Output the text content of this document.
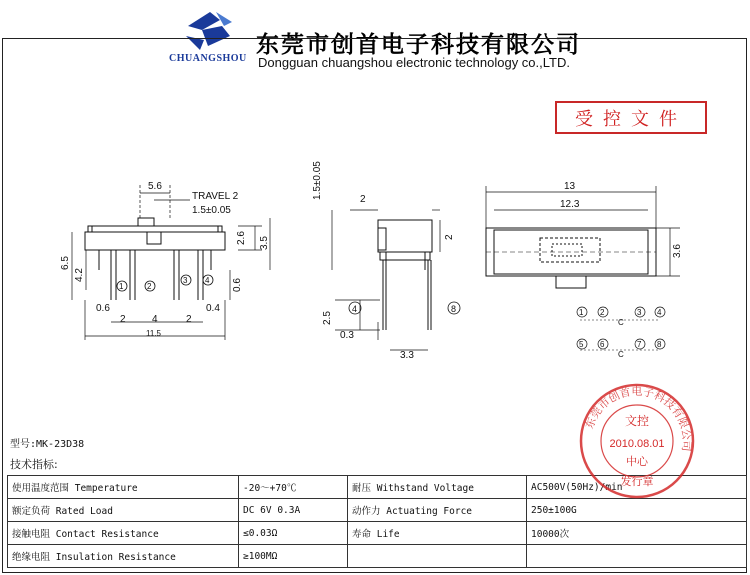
CHUANGSHOU
东莞市创首电子科技有限公司
Dongguan chuangshou electronic technology co.,LTD.
受控文件
5.6
TRAVEL 2
1.5±0.05
2.6 3.5
6.5
4.2
0.6
0.6	0.4
2	4	2
11.5
1	2
3 4
1.5±0.05	2
2
2.5
0.3
3.3
4	8
13
12.3
3.6
1 2
C
3 4
5 6
C
7 8
型号:MK-23D38
技术指标:
使用温度范围 Temperature	-20～+70℃	耐压 Withstand Voltage	AC500V(50Hz)/min
额定负荷 Rated Load	DC 6V 0.3A	动作力 Actuating Force	250±100G
接触电阻 Contact Resistance	≤0.03Ω	寿命 Life	10000次
绝缘电阻 Insulation Resistance	≥100MΩ		
东莞市创首电子科技有限公司
文控
2010.08.01
中心
发行章
